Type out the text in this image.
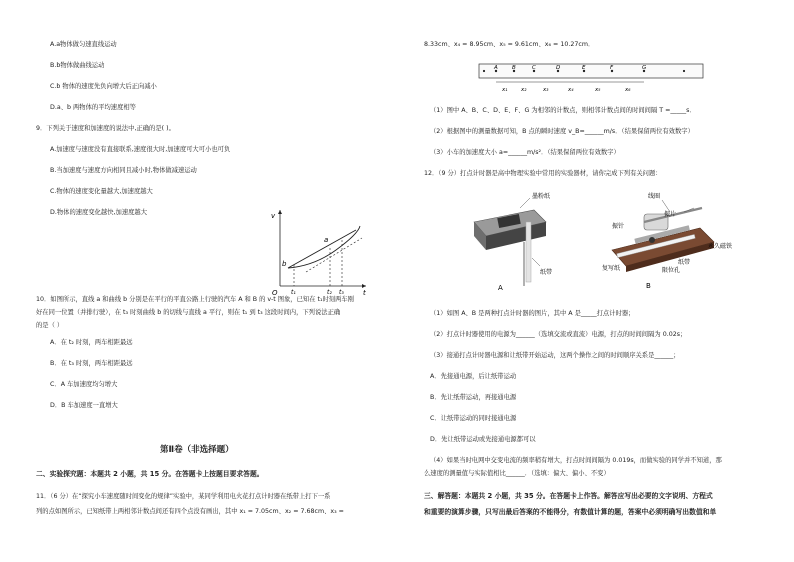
A.a物体做匀速直线运动
B.b物体做曲线运动
C.b 物体的速度先负向增大后正向减小
D.a、b 两物体的平均速度相等
9．下列关于速度和加速度的说法中,正确的是( )。
A.加速度与速度没有直接联系,速度很大时,加速度可大可小也可负
B.当加速度与速度方向相同且减小时,物体做减速运动
C.物体的速度变化量越大,加速度越大
D.物体的速度变化越快,加速度越大	v
t
O
a
b
t₁	t₂ t₃
10．如图所示，直线 a 和曲线 b 分别是在平行的平直公路上行驶的汽车 A 和 B 的 v-t 图象，已知在 t₁时刻两车刚
好在同一位置（并排行驶），在 t₃ 时刻曲线 b 的切线与直线 a 平行，则在 t₁ 到 t₃ 这段时间内，下列说法正确
的是（ ）
A．在 t₂ 时刻，两车相距最远
B．在 t₃ 时刻，两车相距最远
C．A 车加速度均匀增大
D．B 车加速度一直增大
第Ⅱ卷（非选择题）
二、实验探究题：本题共 2 小题，共 15 分。在答题卡上按题目要求答题。
11．（6 分）在“探究小车速度随时间变化的规律”实验中，某同学利用电火花打点计时器在纸带上打下一系
列的点如图所示，已知纸带上两相邻计数点间还有四个点没有画出，其中 x₁ = 7.05cm、x₂ = 7.68cm、x₃ =
8.33cm、x₄ = 8.95cm、x₅ = 9.61cm、x₆ = 10.27cm．
A	B	C	D	E	F	G
x₁ x₂	x₃	x₄	x₅	x₆
（1）图中 A、B、C、D、E、F、G 为相邻的计数点，则相邻计数点间的时间间隔 T =_____s．
（2）根据图中的测量数据可知，B 点的瞬时速度 v_B=______m/s．（结果保留两位有效数字）
（3）小车的加速度大小 a=______m/s²．（结果保留两位有效数字）
12．（9 分）打点计时器是高中物理实验中常用的实验器材，请你完成下列有关问题：
墨粉纸
纸带
A
线圈
振片
振针
永久磁铁
复写纸
纸带
限位孔
B
（1）如图 A、B 是两种打点计时器的图片，其中 A 是_____打点计时器；
（2）打点计时器使用的电源为______（选填交流或直流）电源，打点的时间间隔为 0.02s；
（3）接通打点计时器电源和让纸带开始运动，这两个操作之间的时间顺序关系是______；
A．先接通电源，后让纸带运动
B．先让纸带运动，再接通电源
C．让纸带运动的同时接通电源
D．先让纸带运动或先接通电源都可以
（4）如果当时电网中交变电流的频率稍有增大，打点时间间隔为 0.019s，而做实验的同学并不知道，那
么速度的测量值与实际值相比______．（选填：偏大、偏小、不变）
三、解答题：本题共 2 小题，共 35 分。在答题卡上作答。解答应写出必要的文字说明、方程式
和重要的演算步骤，只写出最后答案的不能得分，有数值计算的题，答案中必须明确写出数值和单
